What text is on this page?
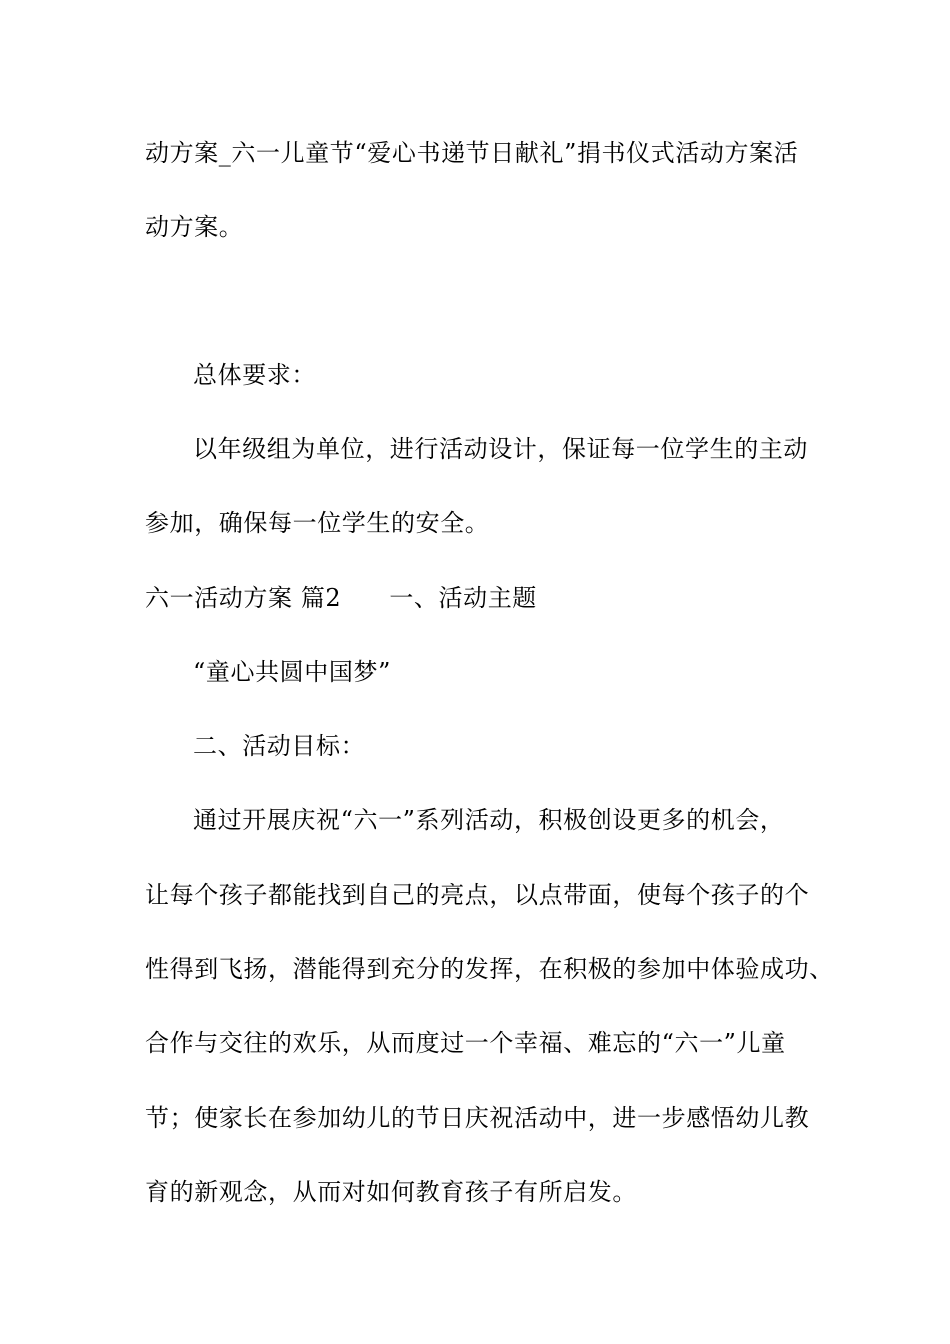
动方案_六一儿童节“爱心书递节日献礼”捐书仪式活动方案活
动方案。
总体要求：
以年级组为单位，进行活动设计，保证每一位学生的主动
参加，确保每一位学生的安全。
六一活动方案 篇2 一、活动主题
“童心共圆中国梦”
二、活动目标：
通过开展庆祝“六一”系列活动，积极创设更多的机会，
让每个孩子都能找到自己的亮点，以点带面，使每个孩子的个
性得到飞扬，潜能得到充分的发挥，在积极的参加中体验成功、
合作与交往的欢乐，从而度过一个幸福、难忘的“六一”儿童
节；使家长在参加幼儿的节日庆祝活动中，进一步感悟幼儿教
育的新观念，从而对如何教育孩子有所启发。
